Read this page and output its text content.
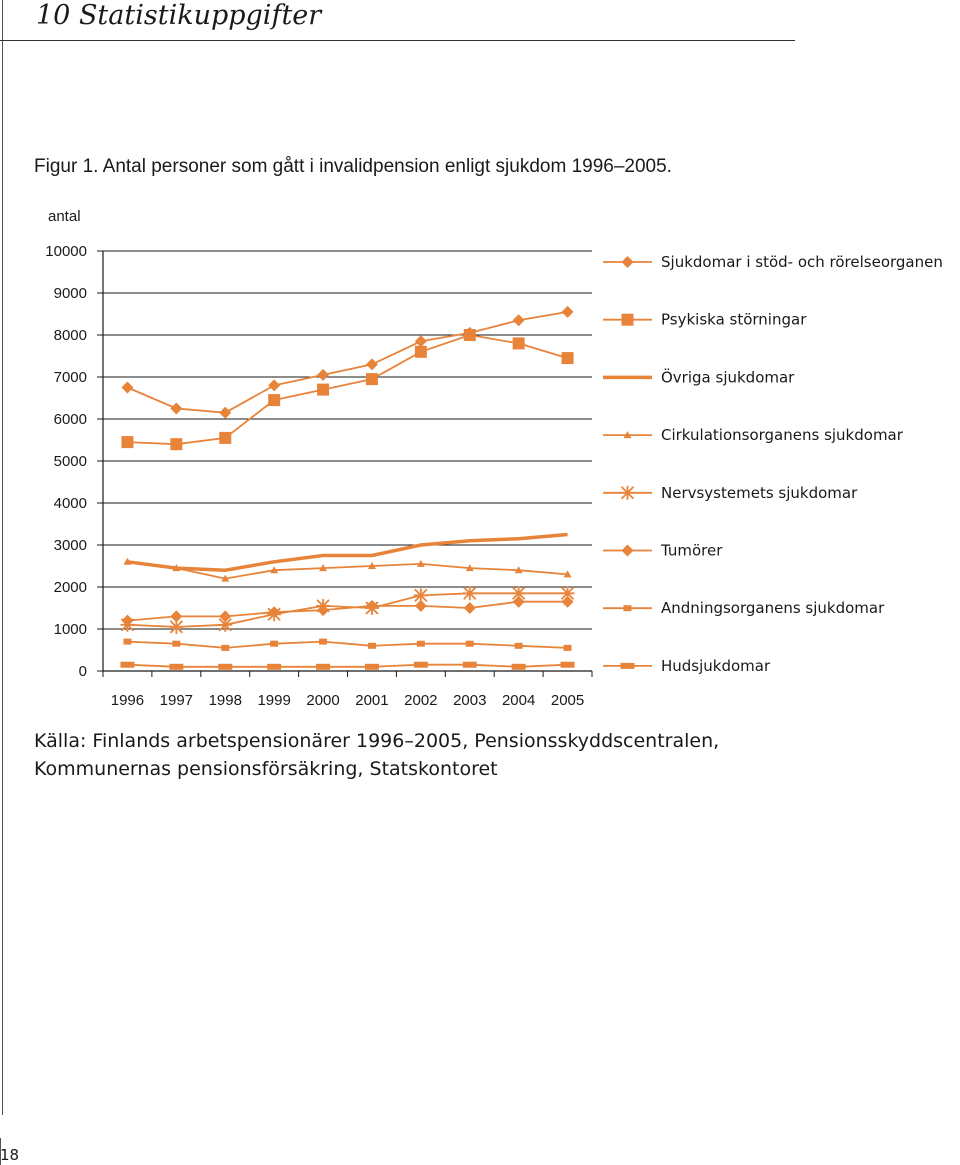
10 Statistikuppgifter
Figur 1. Antal personer som gått i invalidpension enligt sjukdom 1996–2005.
antal
0
1000
2000
3000
4000
5000
6000
7000
8000
9000
10000
1996 1997 1998 1999 2000 2001 2002 2003 2004 2005
Sjukdomar i stöd- och rörelseorganen
Psykiska störningar
Övriga sjukdomar
Cirkulationsorganens sjukdomar
Nervsystemets sjukdomar
Tumörer
Andningsorganens sjukdomar
Hudsjukdomar
Källa: Finlands arbetspensionärer 1996–2005, Pensionsskyddscentralen, Kommunernas pensionsförsäkring, Statskontoret
18
